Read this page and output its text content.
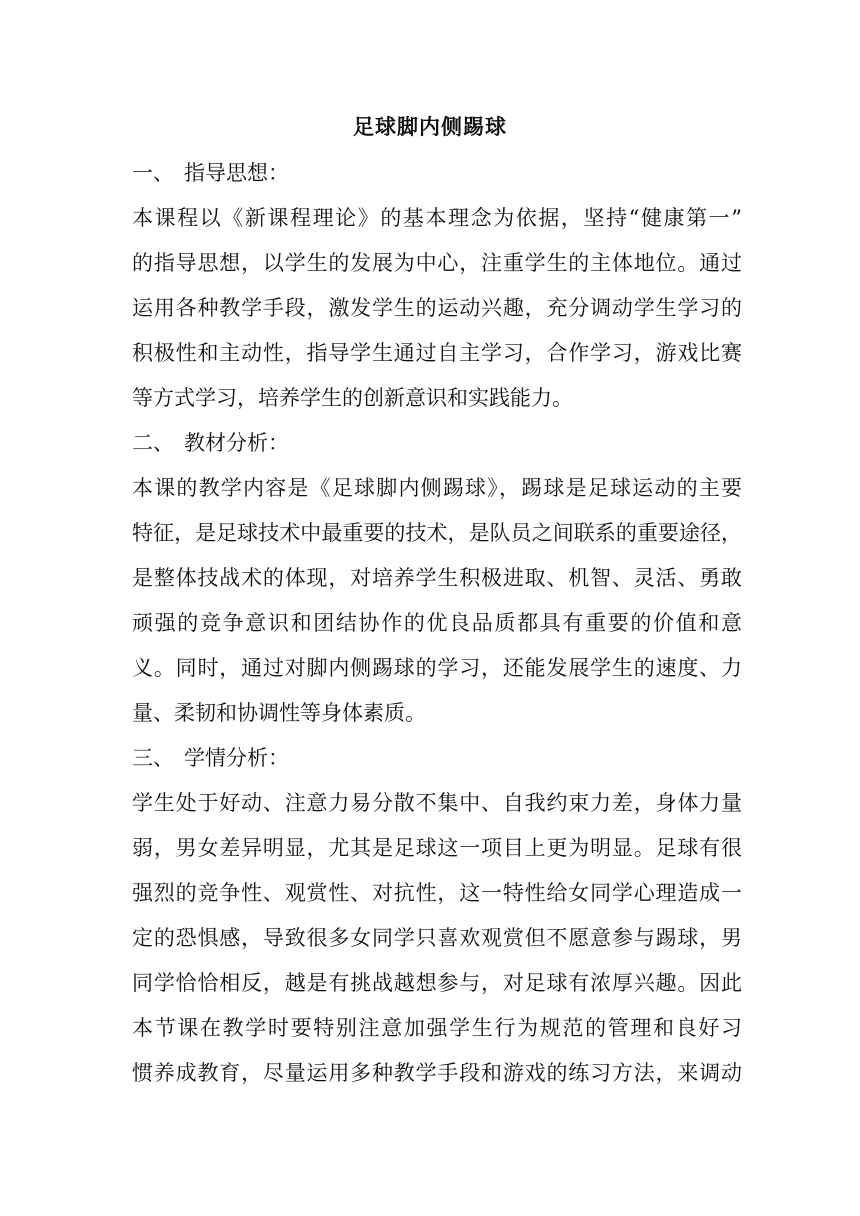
足球脚内侧踢球
一、 指导思想：
本课程以《新课程理论》的基本理念为依据，坚持“健康第一”
的指导思想，以学生的发展为中心，注重学生的主体地位。通过
运用各种教学手段，激发学生的运动兴趣，充分调动学生学习的
积极性和主动性，指导学生通过自主学习，合作学习，游戏比赛
等方式学习，培养学生的创新意识和实践能力。
二、 教材分析：
本课的教学内容是《足球脚内侧踢球》，踢球是足球运动的主要
特征，是足球技术中最重要的技术，是队员之间联系的重要途径，
是整体技战术的体现，对培养学生积极进取、机智、灵活、勇敢
顽强的竞争意识和团结协作的优良品质都具有重要的价值和意
义。同时，通过对脚内侧踢球的学习，还能发展学生的速度、力
量、柔韧和协调性等身体素质。
三、 学情分析：
学生处于好动、注意力易分散不集中、自我约束力差，身体力量
弱，男女差异明显，尤其是足球这一项目上更为明显。足球有很
强烈的竞争性、观赏性、对抗性，这一特性给女同学心理造成一
定的恐惧感，导致很多女同学只喜欢观赏但不愿意参与踢球，男
同学恰恰相反，越是有挑战越想参与，对足球有浓厚兴趣。因此
本节课在教学时要特别注意加强学生行为规范的管理和良好习
惯养成教育，尽量运用多种教学手段和游戏的练习方法，来调动
